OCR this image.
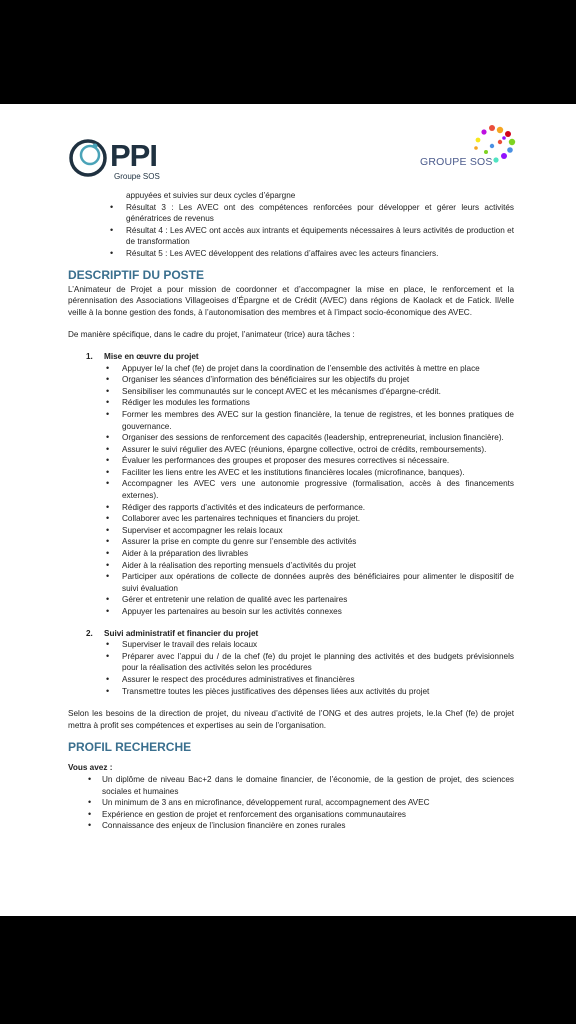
PPI
Groupe SOS
GROUPE SOS
appuyées et suivies sur deux cycles d’épargne
• Résultat 3 : Les AVEC ont des compétences renforcées pour développer et gérer leurs activités génératrices de revenus
• Résultat 4 : Les AVEC ont accès aux intrants et équipements nécessaires à leurs activités de production et de transformation
• Résultat 5 : Les AVEC développent des relations d’affaires avec les acteurs financiers.
DESCRIPTIF DU POSTE

L’Animateur de Projet a pour mission de coordonner et d’accompagner la mise en place, le renforcement et la pérennisation des Associations Villageoises d’Épargne et de Crédit (AVEC) dans régions de Kaolack et de Fatick. Il/elle veille à la bonne gestion des fonds, à l’autonomisation des membres et à l’impact socio-économique des AVEC.

De manière spécifique, dans le cadre du projet, l’animateur (trice) aura tâches :

1. Mise en œuvre du projet
• Appuyer le/ la chef (fe) de projet dans la coordination de l’ensemble des activités à mettre en place
• Organiser les séances d’information des bénéficiaires sur les objectifs du projet
• Sensibiliser les communautés sur le concept AVEC et les mécanismes d’épargne-crédit.
• Rédiger les modules les formations
• Former les membres des AVEC sur la gestion financière, la tenue de registres, et les bonnes pratiques de gouvernance.
• Organiser des sessions de renforcement des capacités (leadership, entrepreneuriat, inclusion financière).
• Assurer le suivi régulier des AVEC (réunions, épargne collective, octroi de crédits, remboursements).
• Évaluer les performances des groupes et proposer des mesures correctives si nécessaire.
• Faciliter les liens entre les AVEC et les institutions financières locales (microfinance, banques).
• Accompagner les AVEC vers une autonomie progressive (formalisation, accès à des financements externes).
• Rédiger des rapports d’activités et des indicateurs de performance.
• Collaborer avec les partenaires techniques et financiers du projet.
• Superviser et accompagner les relais locaux
• Assurer la prise en compte du genre sur l’ensemble des activités
• Aider à la préparation des livrables
• Aider à la réalisation des reporting mensuels d’activités du projet
• Participer aux opérations de collecte de données auprès des bénéficiaires pour alimenter le dispositif de suivi évaluation
• Gérer et entretenir une relation de qualité avec les partenaires
• Appuyer les partenaires au besoin sur les activités connexes
2. Suivi administratif et financier du projet
• Superviser le travail des relais locaux
• Préparer avec l’appui du / de la chef (fe) du projet le planning des activités et des budgets prévisionnels pour la réalisation des activités selon les procédures
• Assurer le respect des procédures administratives et financières
• Transmettre toutes les pièces justificatives des dépenses liées aux activités du projet

Selon les besoins de la direction de projet, du niveau d’activité de l’ONG et des autres projets, le.la Chef (fe) de projet mettra à profit ses compétences et expertises au sein de l’organisation.

PROFIL RECHERCHE

Vous avez :

• Un diplôme de niveau Bac+2 dans le domaine financier, de l’économie, de la gestion de projet, des sciences sociales et humaines
• Un minimum de 3 ans en microfinance, développement rural, accompagnement des AVEC
• Expérience en gestion de projet et renforcement des organisations communautaires
• Connaissance des enjeux de l’inclusion financière en zones rurales
